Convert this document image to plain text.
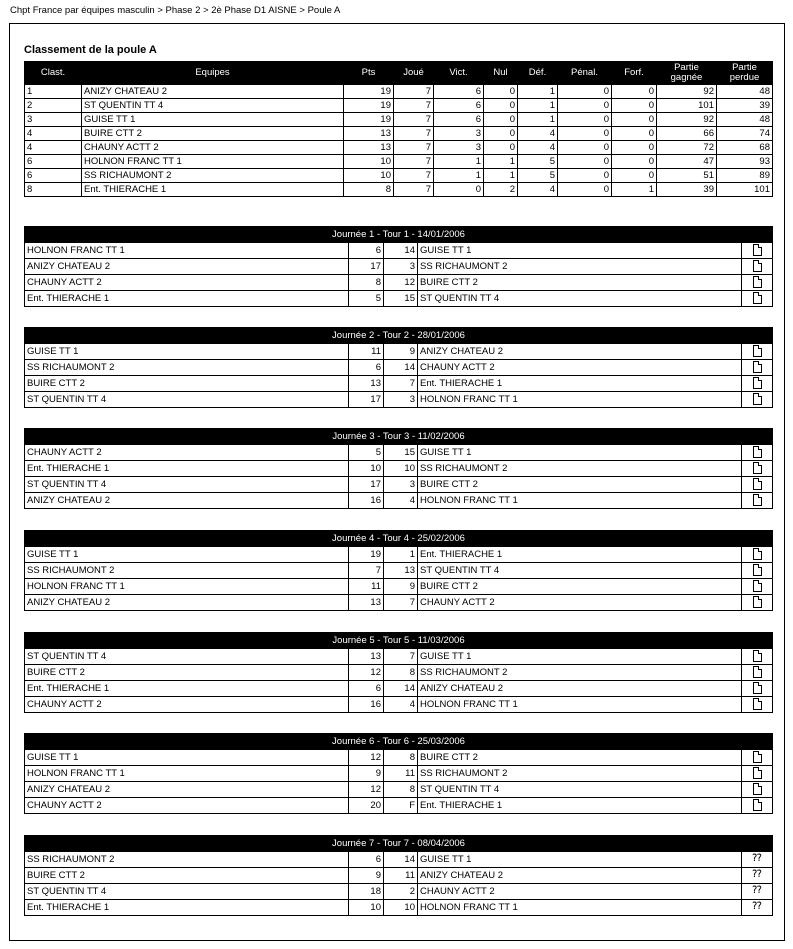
Chpt France par équipes masculin > Phase 2 > 2è Phase D1 AISNE > Poule A
Classement de la poule A
Clast.	Equipes	Pts	Joué	Vict.	Nul	Déf.	Pénal.	Forf.	Partie gagnée	Partie perdue
1	ANIZY CHATEAU 2	19	7	6	0	1	0	0	92	48
2	ST QUENTIN TT 4	19	7	6	0	1	0	0	101	39
3	GUISE TT 1	19	7	6	0	1	0	0	92	48
4	BUIRE CTT 2	13	7	3	0	4	0	0	66	74
4	CHAUNY ACTT 2	13	7	3	0	4	0	0	72	68
6	HOLNON FRANC TT 1	10	7	1	1	5	0	0	47	93
6	SS RICHAUMONT 2	10	7	1	1	5	0	0	51	89
8	Ent. THIERACHE 1	8	7	0	2	4	0	1	39	101
Journée 1 - Tour 1 - 14/01/2006				
HOLNON FRANC TT 1	6	14	GUISE TT 1	
ANIZY CHATEAU 2	17	3	SS RICHAUMONT 2	
CHAUNY ACTT 2	8	12	BUIRE CTT 2	
Ent. THIERACHE 1	5	15	ST QUENTIN TT 4	
Journée 2 - Tour 2 - 28/01/2006				
GUISE TT 1	11	9	ANIZY CHATEAU 2	
SS RICHAUMONT 2	6	14	CHAUNY ACTT 2	
BUIRE CTT 2	13	7	Ent. THIERACHE 1	
ST QUENTIN TT 4	17	3	HOLNON FRANC TT 1	
Journée 3 - Tour 3 - 11/02/2006				
CHAUNY ACTT 2	5	15	GUISE TT 1	
Ent. THIERACHE 1	10	10	SS RICHAUMONT 2	
ST QUENTIN TT 4	17	3	BUIRE CTT 2	
ANIZY CHATEAU 2	16	4	HOLNON FRANC TT 1	
Journée 4 - Tour 4 - 25/02/2006				
GUISE TT 1	19	1	Ent. THIERACHE 1	
SS RICHAUMONT 2	7	13	ST QUENTIN TT 4	
HOLNON FRANC TT 1	11	9	BUIRE CTT 2	
ANIZY CHATEAU 2	13	7	CHAUNY ACTT 2	
Journée 5 - Tour 5 - 11/03/2006				
ST QUENTIN TT 4	13	7	GUISE TT 1	
BUIRE CTT 2	12	8	SS RICHAUMONT 2	
Ent. THIERACHE 1	6	14	ANIZY CHATEAU 2	
CHAUNY ACTT 2	16	4	HOLNON FRANC TT 1	
Journée 6 - Tour 6 - 25/03/2006				
GUISE TT 1	12	8	BUIRE CTT 2	
HOLNON FRANC TT 1	9	11	SS RICHAUMONT 2	
ANIZY CHATEAU 2	12	8	ST QUENTIN TT 4	
CHAUNY ACTT 2	20	F	Ent. THIERACHE 1	
Journée 7 - Tour 7 - 08/04/2006				
SS RICHAUMONT 2	6	14	GUISE TT 1	⁇
BUIRE CTT 2	9	11	ANIZY CHATEAU 2	⁇
ST QUENTIN TT 4	18	2	CHAUNY ACTT 2	⁇
Ent. THIERACHE 1	10	10	HOLNON FRANC TT 1	⁇
